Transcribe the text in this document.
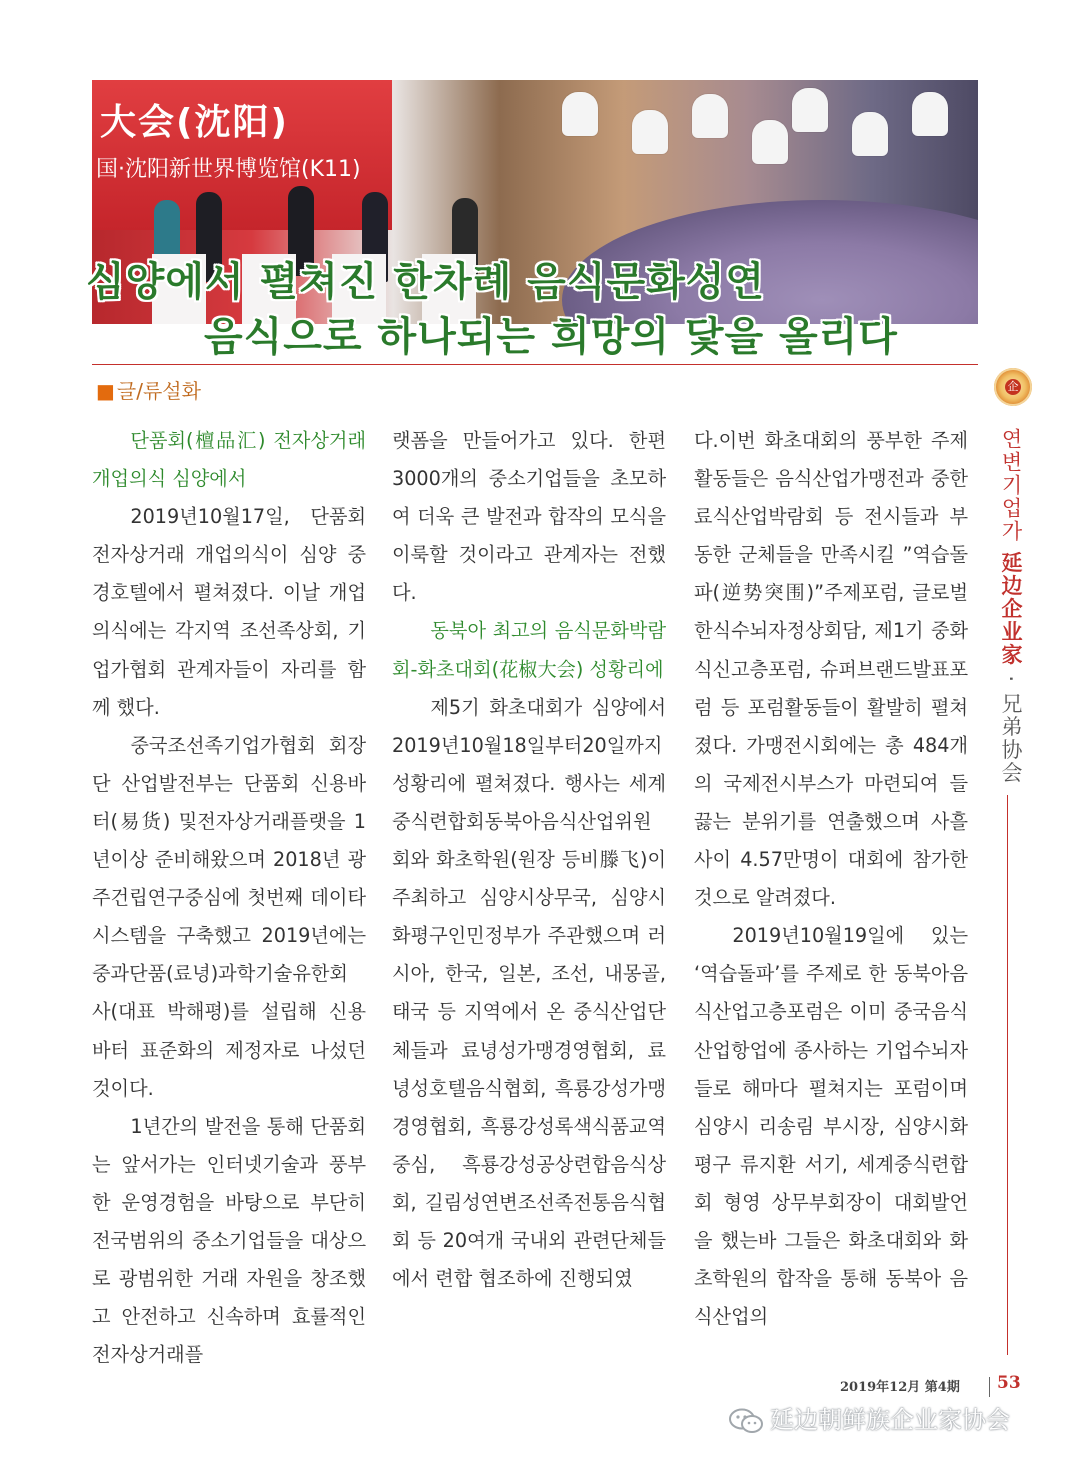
大会(沈阳)
国·沈阳新世界博览馆(K11)
심양에서 펼쳐진 한차례 음식문화성연
음식으로 하나되는 희망의 닻을 올리다
■ 글/류설화

단품회(檀品汇) 전자상거래 개업의식 심양에서

2019년10월17일, 단품회 전자상거래 개업의식이 심양 중경호텔에서 펼쳐졌다. 이날 개업의식에는 각지역 조선족상회, 기업가협회 관계자들이 자리를 함께 했다.

중국조선족기업가협회 회장단 산업발전부는 단품회 신용바터(易货) 및전자상거래플랫을 1년이상 준비해왔으며 2018년 광주건립연구중심에 첫번째 데이타시스템을 구축했고 2019년에는 중과단품(료녕)과학기술유한회사(대표 박해평)를 설립해 신용바터 표준화의 제정자로 나섰던 것이다.

1년간의 발전을 통해 단품회는 앞서가는 인터넷기술과 풍부한 운영경험을 바탕으로 부단히 전국범위의 중소기업들을 대상으로 광범위한 거래 자원을 창조했고 안전하고 신속하며 효률적인 전자상거래플

랫폼을 만들어가고 있다. 한편 3000개의 중소기업들을 초모하여 더욱 큰 발전과 합작의 모식을 이룩할 것이라고 관계자는 전했다.

동북아 최고의 음식문화박람회-화초대회(花椒大会) 성황리에

제5기 화초대회가 심양에서 2019년10월18일부터20일까지 성황리에 펼쳐졌다. 행사는 세계중식련합회동북아음식산업위원회와 화초학원(원장 등비滕飞)이 주최하고 심양시상무국, 심양시화평구인민정부가 주관했으며 러시아, 한국, 일본, 조선, 내몽골, 태국 등 지역에서 온 중식산업단체들과 료녕성가맹경영협회, 료녕성호텔음식협회, 흑룡강성가맹경영협회, 흑룡강성록색식품교역중심, 흑룡강성공상련합음식상회, 길림성연변조선족전통음식협회 등 20여개 국내외 관련단체들에서 련합 협조하에 진행되였

다.이번 화초대회의 풍부한 주제활동들은 음식산업가맹전과 중한료식산업박람회 등 전시들과 부동한 군체들을 만족시킬 ”역습돌파(逆势突围)”주제포럼, 글로벌한식수뇌자정상회담, 제1기 중화식신고층포럼, 슈퍼브랜드발표포럼 등 포럼활동들이 활발히 펼쳐졌다. 가맹전시회에는 총 484개의 국제전시부스가 마련되여 들끓는 분위기를 연출했으며 사흘사이 4.57만명이 대회에 참가한것으로 알려졌다.

2019년10월19일에 있는 ‘역습돌파’를 주제로 한 동북아음식산업고층포럼은 이미 중국음식산업항업에 종사하는 기업수뇌자들로 해마다 펼쳐지는 포럼이며 심양시 리송림 부시장, 심양시화평구 류지환 서기, 세계중식련합회 형영 상무부회장이 대회발언을 했는바 그들은 화초대회와 화초학원의 합작을 통해 동북아 음식산업의

企
연변기업가 延边企业家 · 兄弟协会
2019年12月 第4期 53
延边朝鲜族企业家协会
